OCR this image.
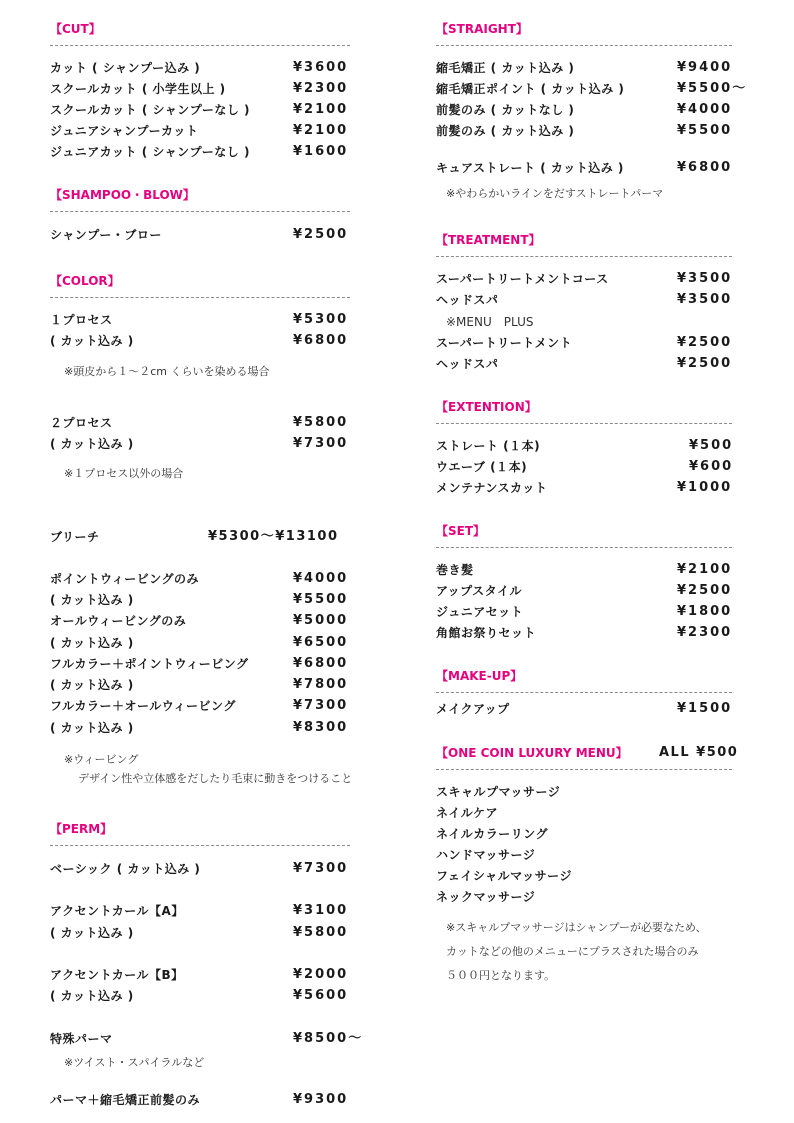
【CUT】
カット ( シャンプー込み )	¥3600
スクールカット ( 小学生以上 )	¥2300
スクールカット ( シャンプーなし )	¥2100
ジュニアシャンプーカット	¥2100
ジュニアカット ( シャンプーなし )	¥1600
【SHAMPOO・BLOW】
シャンプー・ブロー	¥2500
【COLOR】
１プロセス	¥5300
( カット込み )	¥6800
※頭皮から１〜２cm くらいを染める場合
２プロセス	¥5800
( カット込み )	¥7300
※１プロセス以外の場合
ブリーチ	¥5300〜¥13100
ポイントウィービングのみ	¥4000
( カット込み )	¥5500
オールウィービングのみ	¥5000
( カット込み )	¥6500
フルカラー＋ポイントウィービング	¥6800
( カット込み )	¥7800
フルカラー＋オールウィービング	¥7300
( カット込み )	¥8300
※ウィービング
デザイン性や立体感をだしたり毛束に動きをつけること
【PERM】
ベーシック ( カット込み )	¥7300
アクセントカール【A】	¥3100
( カット込み )	¥5800
アクセントカール【B】	¥2000
( カット込み )	¥5600
特殊パーマ	¥8500〜
※ツイスト・スパイラルなど
パーマ＋縮毛矯正前髪のみ	¥9300
【STRAIGHT】
縮毛矯正 ( カット込み )	¥9400
縮毛矯正ポイント ( カット込み )	¥5500〜
前髪のみ ( カットなし )	¥4000
前髪のみ ( カット込み )	¥5500
キュアストレート ( カット込み )	¥6800
※やわらかいラインをだすストレートパーマ
【TREATMENT】
スーパートリートメントコース	¥3500
ヘッドスパ	¥3500
※MENU　PLUS
スーパートリートメント	¥2500
ヘッドスパ	¥2500
【EXTENTION】
ストレート (１本)	¥500
ウエーブ (１本)	¥600
メンテナンスカット	¥1000
【SET】
巻き髪	¥2100
アップスタイル	¥2500
ジュニアセット	¥1800
角館お祭りセット	¥2300
【MAKE-UP】
メイクアップ	¥1500
【ONE COIN LUXURY MENU】 ALL ¥500
スキャルプマッサージ
ネイルケア
ネイルカラーリング
ハンドマッサージ
フェイシャルマッサージ
ネックマッサージ
※スキャルプマッサージはシャンプーが必要なため、
カットなどの他のメニューにプラスされた場合のみ
５００円となります。
